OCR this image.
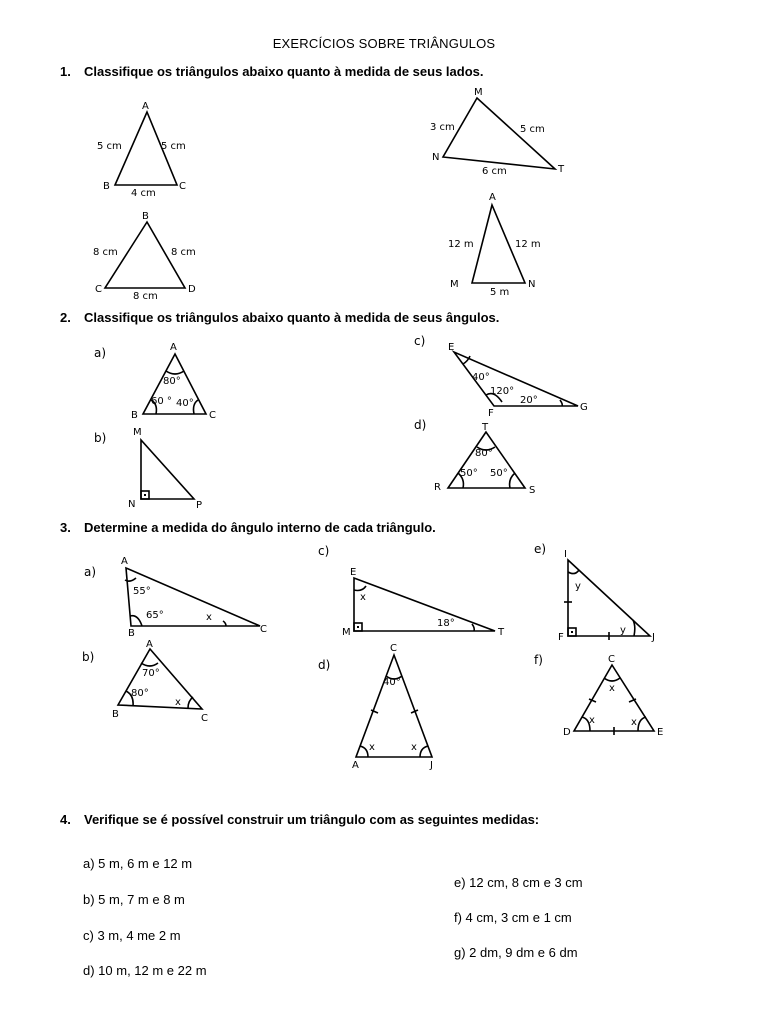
EXERCÍCIOS SOBRE TRIÂNGULOS
1. Classifique os triângulos abaixo quanto à medida de seus lados.
A
B	C
5 cm	5 cm
4 cm
B
C	D
8 cm	8 cm
8 cm
M
N
T
3 cm	5 cm
6 cm
A
M	N
12 m	12 m
5 m
2. Classifique os triângulos abaixo quanto à medida de seus ângulos.
a)	A
B	C
80°
60 ° 40°
b)	M
N	P
c) E
F
G
40°
120°
20°
d)	T
R	S
80°
50° 50°
3. Determine a medida do ângulo interno de cada triângulo.
a)
A
B	C
55°
65°	x
b)
A
B	C
70°
80°
x
c)
E
M	T
x
18°
d)
C
A	J
40°
x	x
e) I
F	J
y
y
f)	C
D	E
x
x	x
4. Verifique se é possível construir um triângulo com as seguintes medidas:
a) 5 m, 6 m e 12 m
b) 5 m, 7 m e 8 m
c) 3 m, 4 me 2 m
d) 10 m, 12 m e 22 m
e) 12 cm, 8 cm e 3 cm
f) 4 cm, 3 cm e 1 cm
g) 2 dm, 9 dm e 6 dm
